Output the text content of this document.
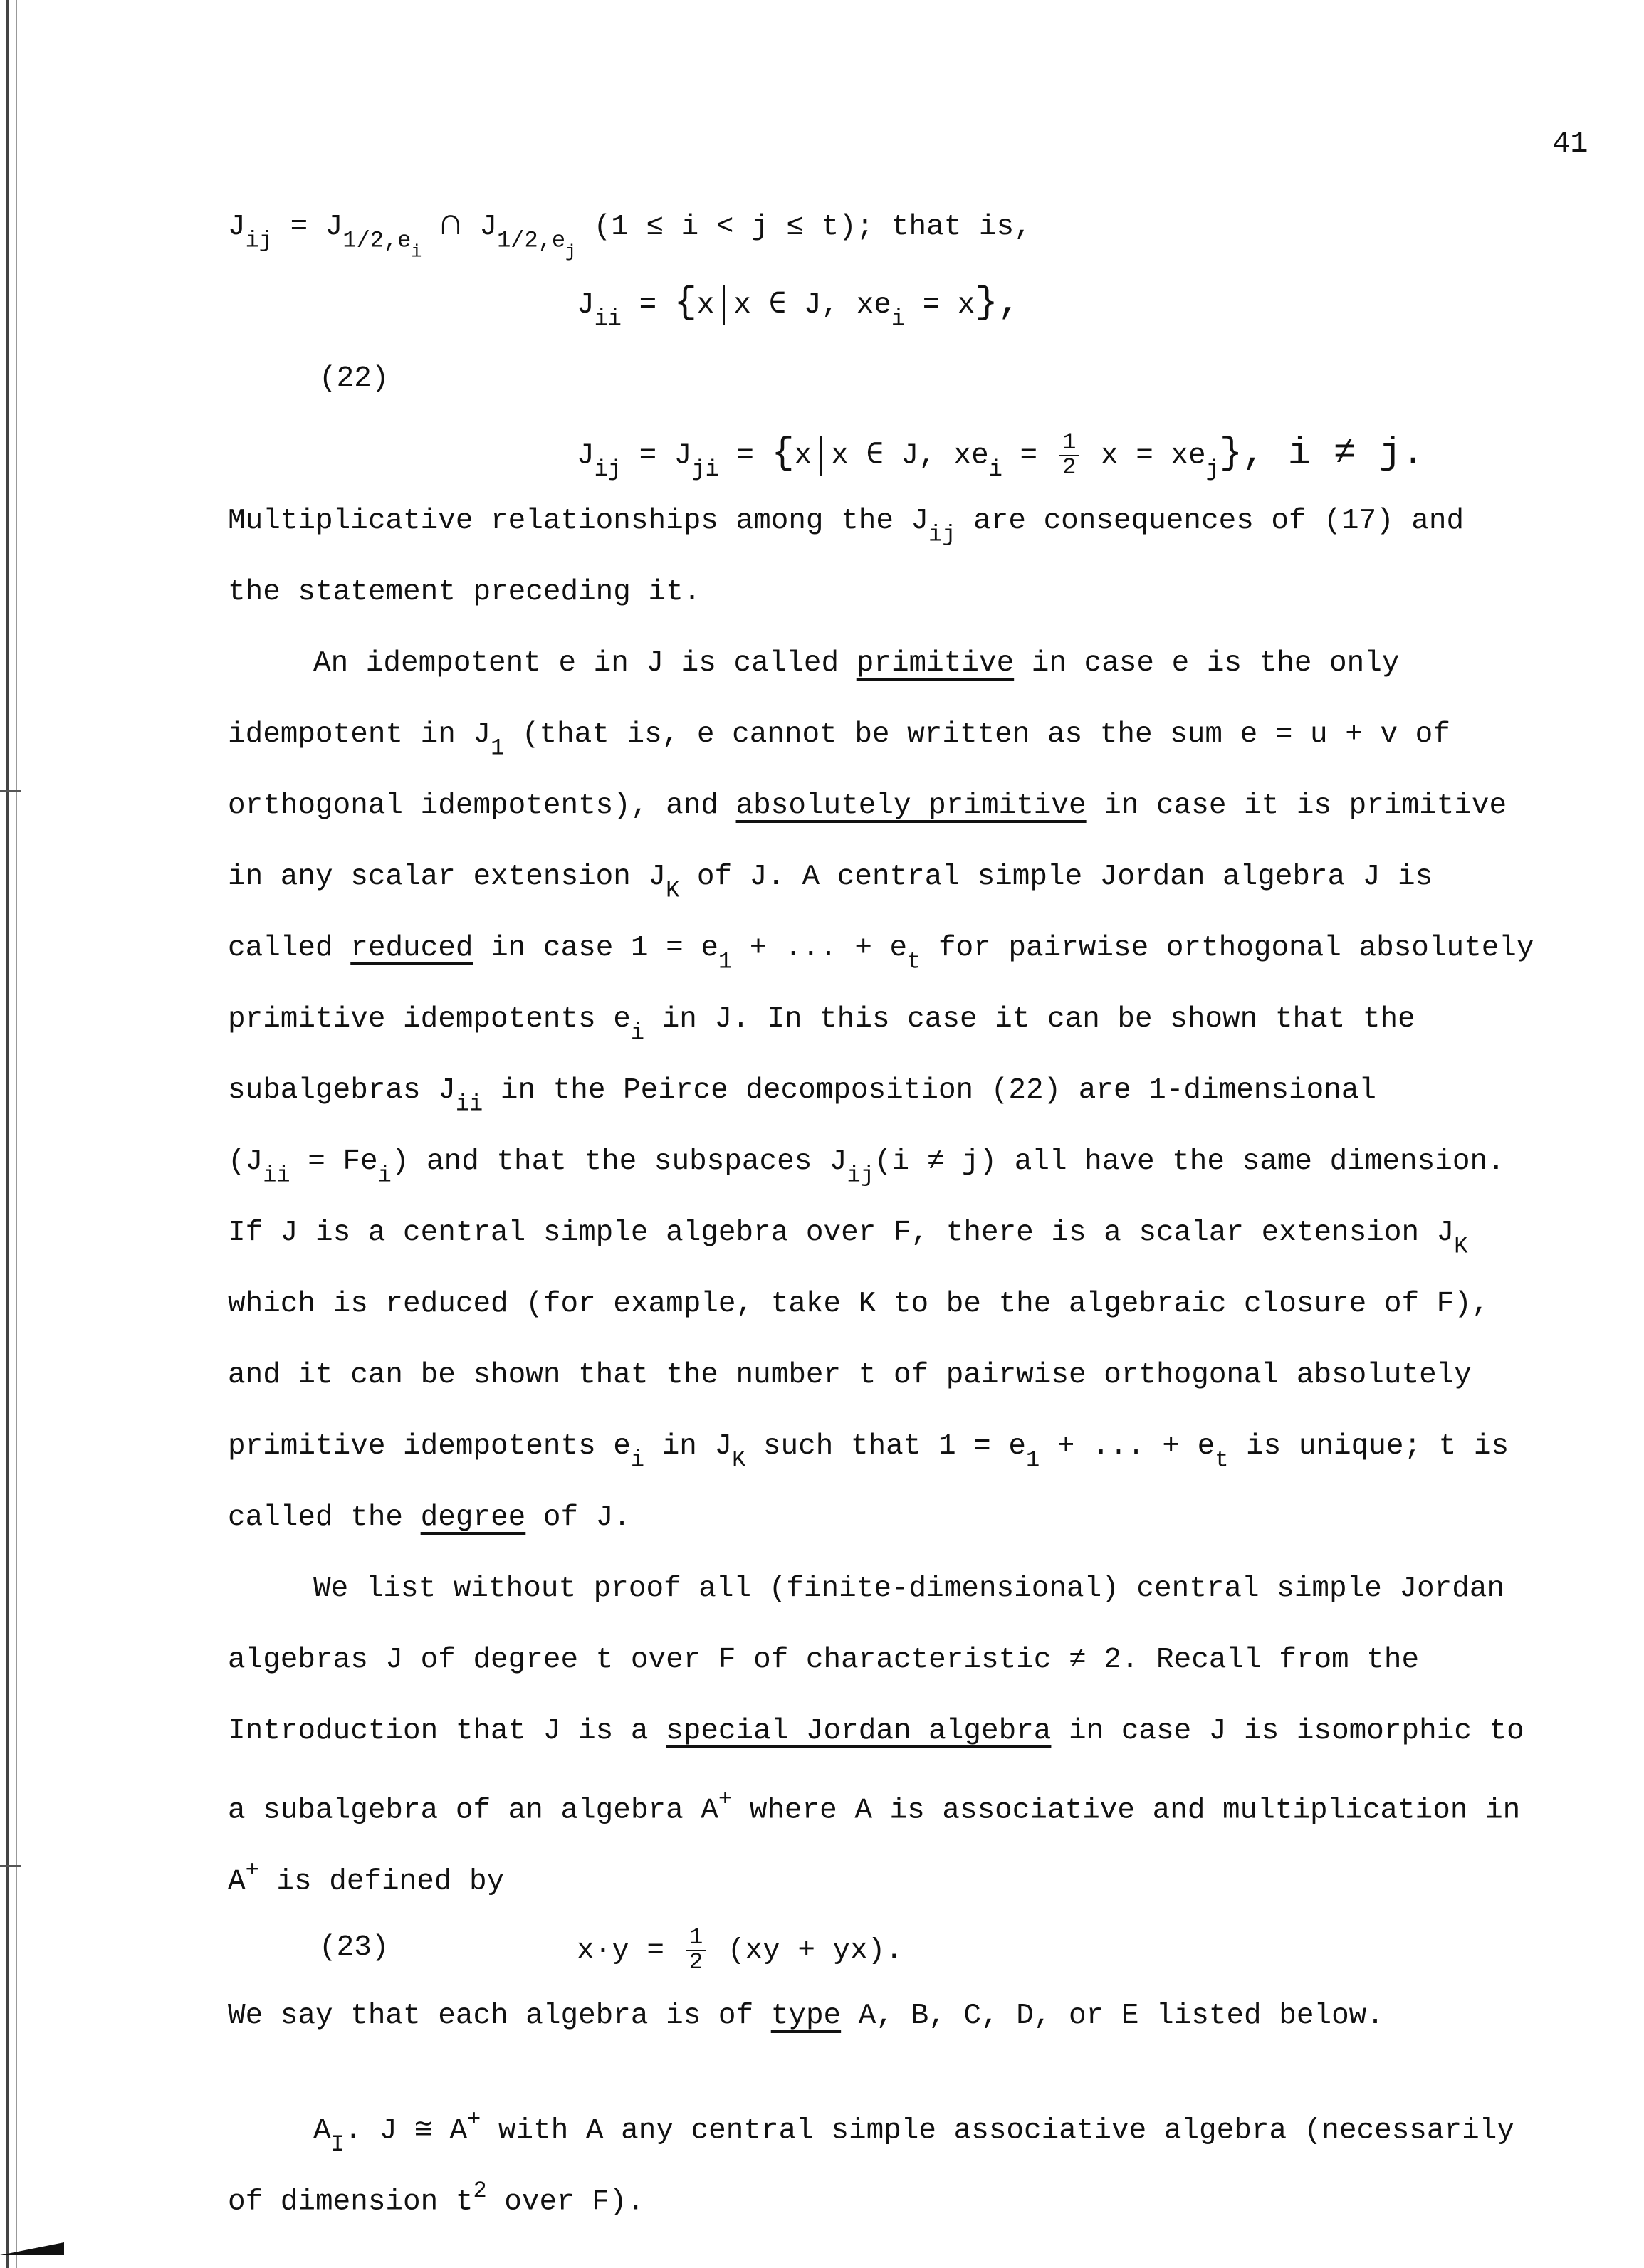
41
$J_{ij} = J_{1/2,e_i}$ ∩ $J_{1/2,e_j}$ (1 ≤ i < j ≤ t); that is,
$J_{ii} = \{x$ x ∈ J, $xe_i = x$},
(22)
$J_{ij} = J_{ji} = \{x$ x ∈ J, $xe_i = \frac{1}{2}$ $x = xe_j$}, i ≠ j.
Multiplicative relationships among the $J_{ij}$ are consequences of (17) and
the statement preceding it.
An idempotent e in J is called primitive in case e is the only
idempotent in $J_1$ (that is, e cannot be written as the sum e = u + v of
orthogonal idempotents), and absolutely primitive in case it is primitive
in any scalar extension $J_K$ of J. A central simple Jordan algebra J is
called reduced in case $1 = e_1$ + ... + $e_t$ for pairwise orthogonal absolutely
primitive idempotents $e_i$ in J. In this case it can be shown that the
subalgebras $J_{ii}$ in the Peirce decomposition (22) are 1-dimensional
$(J_{ii} = Fe_i)$ and that the subspaces $J_{ij}(i \ne j)$ all have the same dimension.
If J is a central simple algebra over F, there is a scalar extension $J_K$
which is reduced (for example, take K to be the algebraic closure of F),
and it can be shown that the number t of pairwise orthogonal absolutely
primitive idempotents $e_i$ in $J_K$ such that $1 = e_1$ + ... + $e_t$ is unique; t is
called the degree of J.
We list without proof all (finite-dimensional) central simple Jordan
algebras J of degree t over F of characteristic ≠ 2. Recall from the
Introduction that J is a special Jordan algebra in case J is isomorphic to
a subalgebra of an algebra A+ where A is associative and multiplication in
A+ is defined by
(23)	$x\cdot y = \frac{1}{2} (xy + yx)$.
We say that each algebra is of type A, B, C, D, or E listed below.
$A_I$. J ≅ A+ with A any central simple associative algebra (necessarily
of dimension $t^2$ over F).
